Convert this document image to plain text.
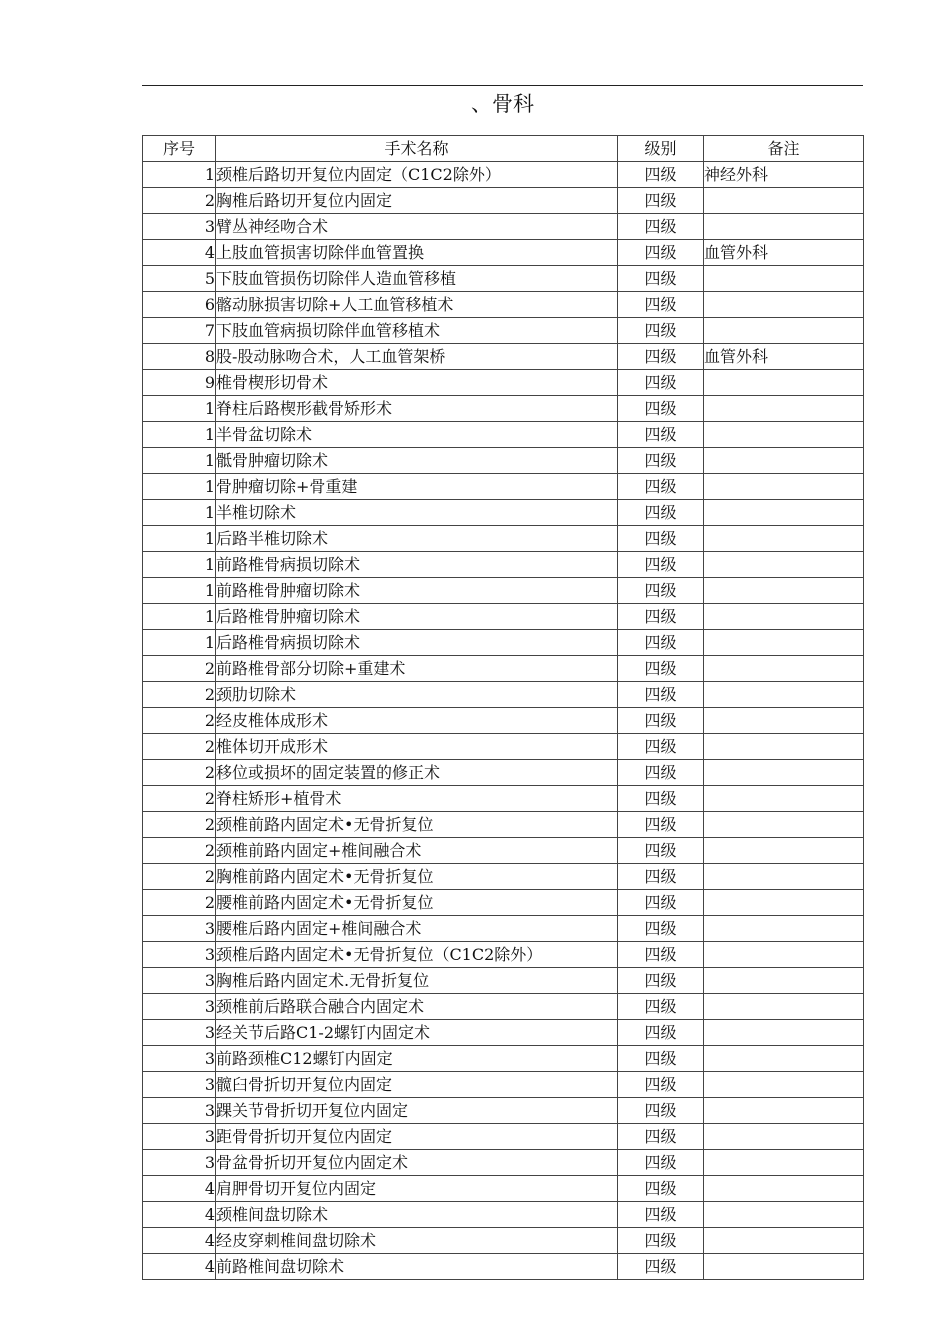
、骨科
序号	手术名称	级别	备注
1	颈椎后路切开复位内固定（C1C2除外）	四级	神经外科
2	胸椎后路切开复位内固定	四级	
3	臂丛神经吻合术	四级	
4	上肢血管损害切除伴血管置换	四级	血管外科
5	下肢血管损伤切除伴人造血管移植	四级	
6	髂动脉损害切除+人工血管移植术	四级	
7	下肢血管病损切除伴血管移植术	四级	
8	股-股动脉吻合术，人工血管架桥	四级	血管外科
9	椎骨楔形切骨术	四级	
1	脊柱后路楔形截骨矫形术	四级	
1	半骨盆切除术	四级	
1	骶骨肿瘤切除术	四级	
1	骨肿瘤切除+骨重建	四级	
1	半椎切除术	四级	
1	后路半椎切除术	四级	
1	前路椎骨病损切除术	四级	
1	前路椎骨肿瘤切除术	四级	
1	后路椎骨肿瘤切除术	四级	
1	后路椎骨病损切除术	四级	
2	前路椎骨部分切除+重建术	四级	
2	颈肋切除术	四级	
2	经皮椎体成形术	四级	
2	椎体切开成形术	四级	
2	移位或损坏的固定装置的修正术	四级	
2	脊柱矫形+植骨术	四级	
2	颈椎前路内固定术•无骨折复位	四级	
2	颈椎前路内固定+椎间融合术	四级	
2	胸椎前路内固定术•无骨折复位	四级	
2	腰椎前路内固定术•无骨折复位	四级	
3	腰椎后路内固定+椎间融合术	四级	
3	颈椎后路内固定术•无骨折复位（C1C2除外）	四级	
3	胸椎后路内固定术.无骨折复位	四级	
3	颈椎前后路联合融合内固定术	四级	
3	经关节后路C1-2螺钉内固定术	四级	
3	前路颈椎C12螺钉内固定	四级	
3	髋臼骨折切开复位内固定	四级	
3	踝关节骨折切开复位内固定	四级	
3	距骨骨折切开复位内固定	四级	
3	骨盆骨折切开复位内固定术	四级	
4	肩胛骨切开复位内固定	四级	
4	颈椎间盘切除术	四级	
4	经皮穿刺椎间盘切除术	四级	
4	前路椎间盘切除术	四级	
